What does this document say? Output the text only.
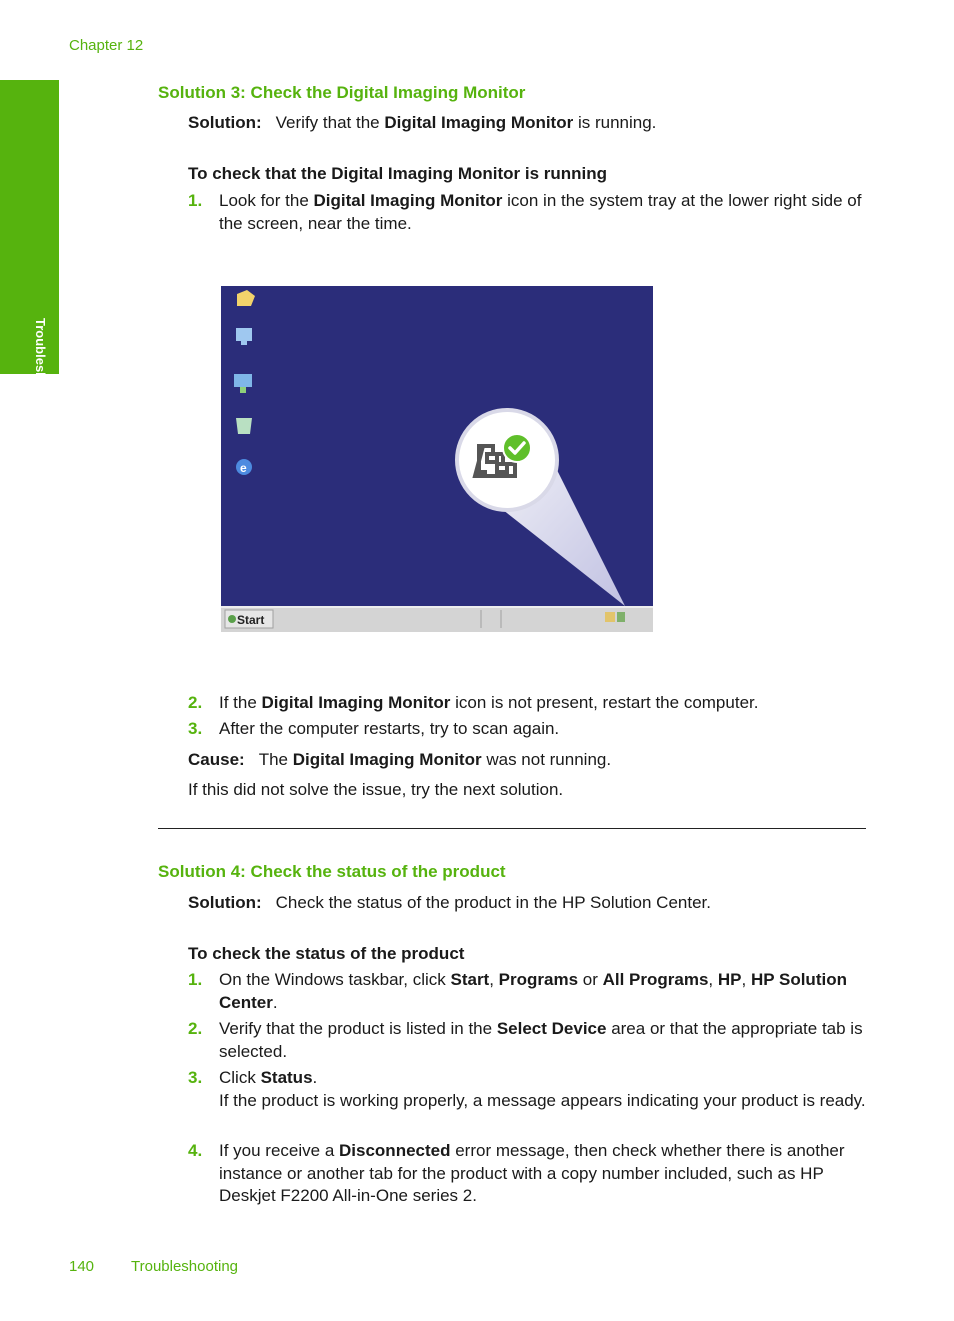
Chapter 12
Troubleshooting
Solution 3: Check the Digital Imaging Monitor
Solution: Verify that the Digital Imaging Monitor is running.
To check that the Digital Imaging Monitor is running
1. Look for the Digital Imaging Monitor icon in the system tray at the lower right side of the screen, near the time.
e
Start
2. If the Digital Imaging Monitor icon is not present, restart the computer.
3. After the computer restarts, try to scan again.
Cause: The Digital Imaging Monitor was not running.
If this did not solve the issue, try the next solution.
Solution 4: Check the status of the product
Solution: Check the status of the product in the HP Solution Center.
To check the status of the product
1. On the Windows taskbar, click Start, Programs or All Programs, HP, HP Solution Center.
2. Verify that the product is listed in the Select Device area or that the appropriate tab is selected.
3. Click Status.
If the product is working properly, a message appears indicating your product is ready.
4. If you receive a Disconnected error message, then check whether there is another instance or another tab for the product with a copy number included, such as HP Deskjet F2200 All-in-One series 2.
140 Troubleshooting
